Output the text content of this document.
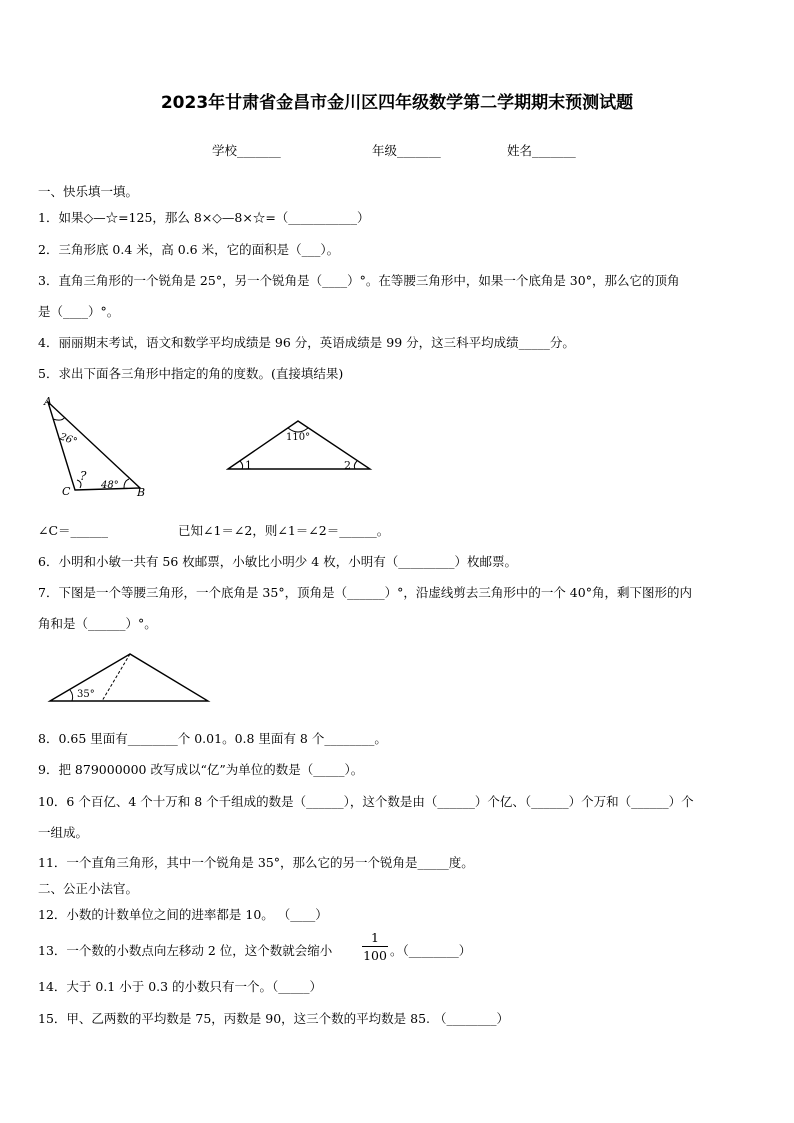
2023年甘肃省金昌市金川区四年级数学第二学期期末预测试题
学校_______	年级_______	姓名_______
一、快乐填一填。
1．如果◇—☆=125，那么 8×◇—8×☆=（___________）
2．三角形底 0.4 米，高 0.6 米，它的面积是（___）。
3．直角三角形的一个锐角是 25°，另一个锐角是（____）°。在等腰三角形中，如果一个底角是 30°，那么它的顶角
是（____）°。
4．丽丽期末考试，语文和数学平均成绩是 96 分，英语成绩是 99 分，这三科平均成绩_____分。
5．求出下面各三角形中指定的角的度数。(直接填结果)
A
26°
?
C	48°
B
110°
1	2
∠C＝______	已知∠1＝∠2，则∠1＝∠2＝______。
6．小明和小敏一共有 56 枚邮票，小敏比小明少 4 枚，小明有（_________）枚邮票。
7．下图是一个等腰三角形，一个底角是 35°，顶角是（______）°，沿虚线剪去三角形中的一个 40°角，剩下图形的内
角和是（______）°。
35°
8．0.65 里面有________个 0.01。0.8 里面有 8 个________。
9．把 879000000 改写成以“亿”为单位的数是（_____）。
10．6 个百亿、4 个十万和 8 个千组成的数是（______），这个数是由（______）个亿、（______）个万和（______）个
一组成。
11．一个直角三角形，其中一个锐角是 35°，那么它的另一个锐角是_____度。
二、公正小法官。
12．小数的计数单位之间的进率都是 10。 （____）
13．一个数的小数点向左移动 2 位，这个数就会缩小
1
100 。（________）
14．大于 0.1 小于 0.3 的小数只有一个。（_____）
15．甲、乙两数的平均数是 75，丙数是 90，这三个数的平均数是 85. （________）
